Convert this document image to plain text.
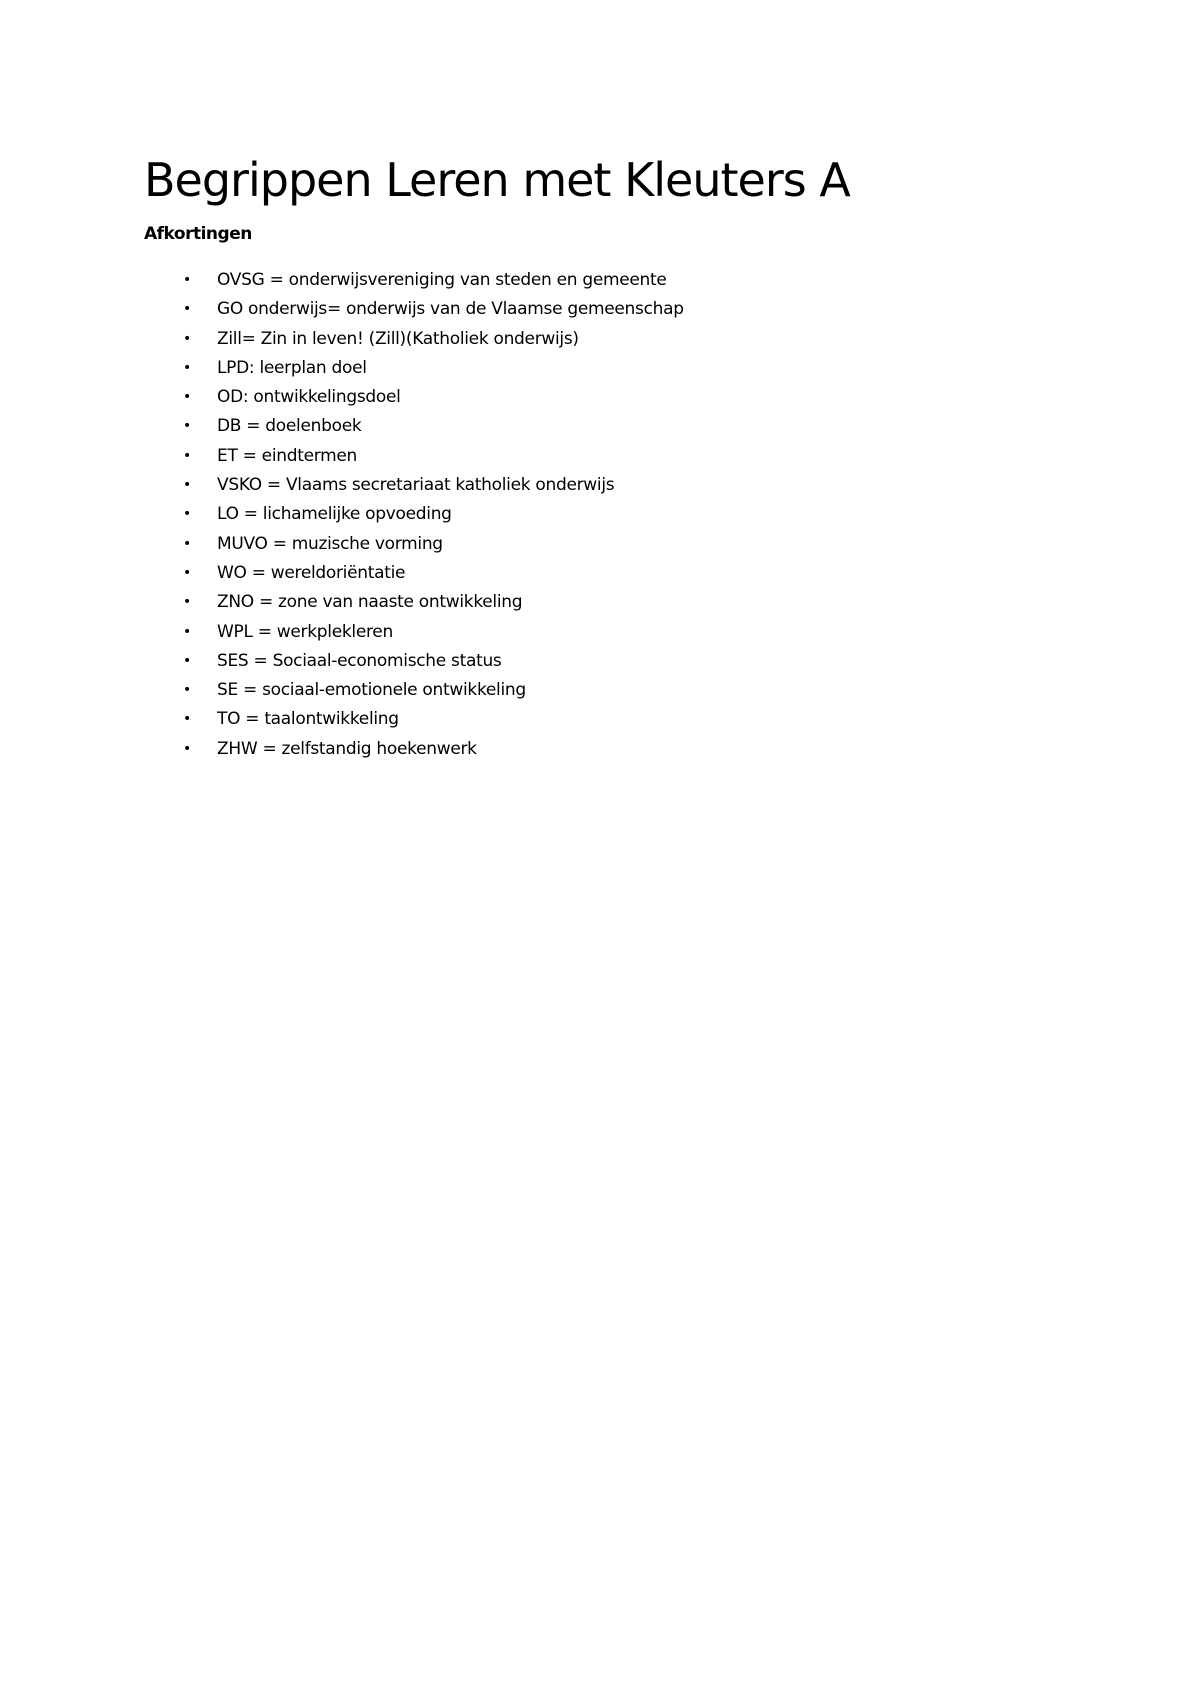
Begrippen Leren met Kleuters A
Afkortingen
• OVSG = onderwijsvereniging van steden en gemeente
• GO onderwijs= onderwijs van de Vlaamse gemeenschap
• Zill= Zin in leven! (Zill)(Katholiek onderwijs)
• LPD: leerplan doel
• OD: ontwikkelingsdoel
• DB = doelenboek
• ET = eindtermen
• VSKO = Vlaams secretariaat katholiek onderwijs
• LO = lichamelijke opvoeding
• MUVO = muzische vorming
• WO = wereldoriëntatie
• ZNO = zone van naaste ontwikkeling
• WPL = werkplekleren
• SES = Sociaal-economische status
• SE = sociaal-emotionele ontwikkeling
• TO = taalontwikkeling
• ZHW = zelfstandig hoekenwerk
